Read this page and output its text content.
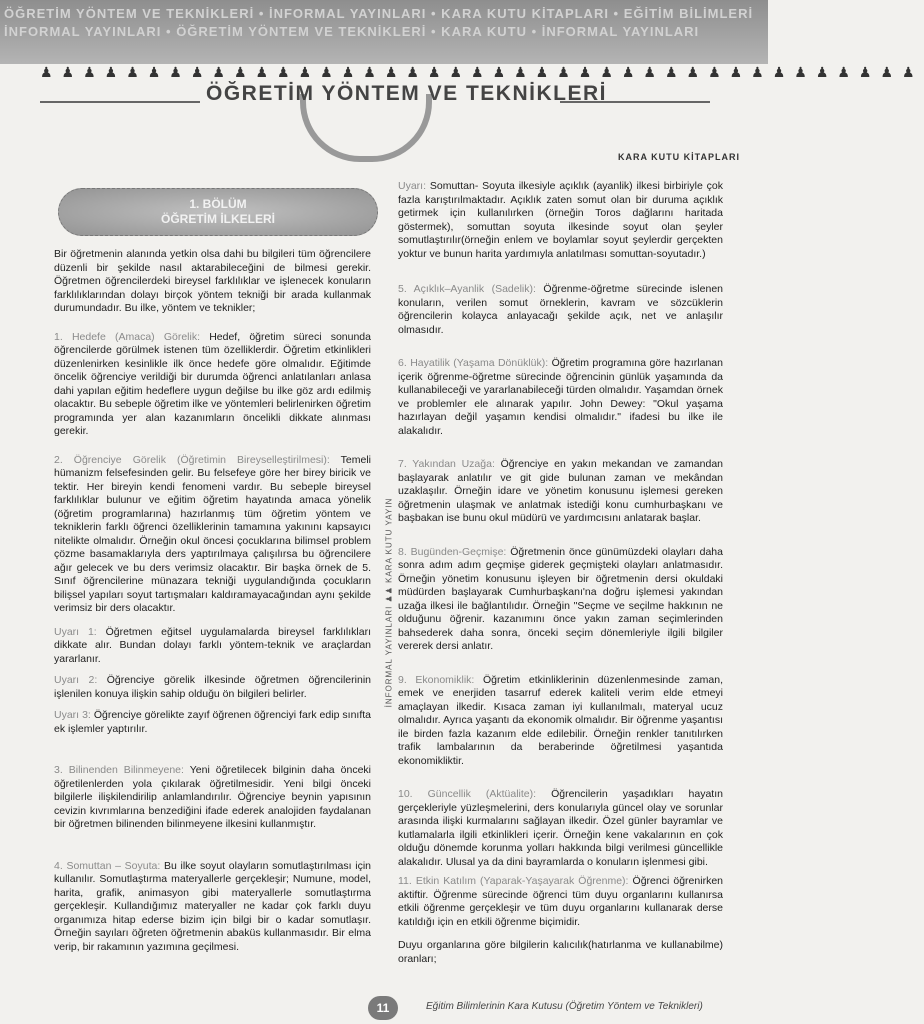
ÖĞRETİM YÖNTEM VE TEKNİKLERİ • İNFORMAL YAYINLARI • KARA KUTU KİTAPLARI • EĞİTİM BİLİMLERİ
İNFORMAL YAYINLARI • ÖĞRETİM YÖNTEM VE TEKNİKLERİ • KARA KUTU • İNFORMAL YAYINLARI
♟♟♟♟♟♟♟♟♟♟♟♟♟♟♟♟♟♟♟♟♟♟♟♟♟♟♟♟♟♟♟♟♟♟♟♟♟♟♟♟♟
ÖĞRETİM YÖNTEM VE TEKNİKLERİ
KARA KUTU KİTAPLARI
1. BÖLÜM
ÖĞRETİM İLKELERİ

Bir öğretmenin alanında yetkin olsa dahi bu bilgileri tüm öğrencilere düzenli bir şekilde nasıl aktarabileceğini de bilmesi gerekir. Öğretmen öğrencilerdeki bireysel farklılıklar ve işlenecek konuların farklılıklarından dolayı birçok yöntem tekniği bir arada kullanmak durumundadır. Bu ilke, yöntem ve teknikler;

1. Hedefe (Amaca) Görelik: Hedef, öğretim süreci sonunda öğrencilerde görülmek istenen tüm özelliklerdir. Öğretim etkinlikleri düzenlenirken kesinlikle ilk önce hedefe göre olmalıdır. Eğitimde öncelik öğrenciye verildiği bir durumda öğrenci anlatılanları anlasa dahi yapılan eğitim hedeflere uygun değilse bu ilke göz ardı edilmiş olacaktır. Bu sebeple öğretim ilke ve yöntemleri belirlenirken öğretim programında yer alan kazanımların öncelikli dikkate alınması gerekir.

2. Öğrenciye Görelik (Öğretimin Bireyselleştirilmesi): Temeli hümanizm felsefesinden gelir. Bu felsefeye göre her birey biricik ve tektir. Her bireyin kendi fenomeni vardır. Bu sebeple bireysel farklılıklar bulunur ve eğitim öğretim hayatında amaca yönelik (öğretim programlarına) hazırlanmış tüm öğretim yöntem ve tekniklerin farklı öğrenci özelliklerinin tamamına yakınını kapsayıcı nitelikte olmalıdır. Örneğin okul öncesi çocuklarına bilimsel problem çözme basamaklarıyla ders yaptırılmaya çalışılırsa bu öğrencilere ağır gelecek ve bu ders verimsiz olacaktır. Bir başka örnek de 5. Sınıf öğrencilerine münazara tekniği uygulandığında çocukların bilişsel yapıları soyut tartışmaları kaldıramayacağından aynı şekilde verimsiz bir ders olacaktır.

Uyarı 1: Öğretmen eğitsel uygulamalarda bireysel farklılıkları dikkate alır. Bundan dolayı farklı yöntem-teknik ve araçlardan yararlanır.

Uyarı 2: Öğrenciye görelik ilkesinde öğretmen öğrencilerinin işlenilen konuya ilişkin sahip olduğu ön bilgileri belirler.

Uyarı 3: Öğrenciye görelikte zayıf öğrenen öğrenciyi fark edip sınıfta ek işlemler yaptırılır.

3. Bilinenden Bilinmeyene: Yeni öğretilecek bilginin daha önceki öğretilenlerden yola çıkılarak öğretilmesidir. Yeni bilgi önceki bilgilerle ilişkilendirilip anlamlandırılır. Öğrenciye beynin yapısının cevizin kıvrımlarına benzediğini ifade ederek analojiden faydalanan bir öğretmen bilinenden bilinmeyene ilkesini kullanmıştır.

4. Somuttan – Soyuta: Bu ilke soyut olayların somutlaştırılması için kullanılır. Somutlaştırma materyallerle gerçekleşir; Numune, model, harita, grafik, animasyon gibi materyallerle somutlaştırma gerçekleşir. Kullandığımız materyaller ne kadar çok farklı duyu organımıza hitap ederse bizim için bilgi bir o kadar somutlaşır. Örneğin sayıları öğreten öğretmenin abaküs kullanmasıdır. Bir elma verip, bir rakamının yazımına geçilmesi.

İNFORMAL YAYINLARI ♟♟ KARA KUTU YAYIN

Uyarı: Somuttan- Soyuta ilkesiyle açıklık (ayanlik) ilkesi birbiriyle çok fazla karıştırılmaktadır. Açıklık zaten somut olan bir duruma açıklık getirmek için kullanılırken (örneğin Toros dağlarını haritada göstermek), somuttan soyuta ilkesinde soyut olan şeyler somutlaştırılır(örneğin enlem ve boylamlar soyut şeylerdir gerçekten yoktur ve bunun harita yardımıyla anlatılması somuttan-soyutadır.)

5. Açıklık–Ayanlik (Sadelik): Öğrenme-öğretme sürecinde islenen konuların, verilen somut örneklerin, kavram ve sözcüklerin öğrencilerin kolayca anlayacağı şekilde açık, net ve anlaşılır olmasıdır.

6. Hayatilik (Yaşama Dönüklük): Öğretim programına göre hazırlanan içerik öğrenme-öğretme sürecinde öğrencinin günlük yaşamında da kullanabileceği ve yararlanabileceği türden olmalıdır. Yaşamdan örnek ve problemler ele alınarak yapılır. John Dewey: "Okul yaşama hazırlayan değil yaşamın kendisi olmalıdır." ifadesi bu ilke ile alakalıdır.

7. Yakından Uzağa: Öğrenciye en yakın mekandan ve zamandan başlayarak anlatılır ve git gide bulunan zaman ve mekândan uzaklaşılır. Örneğin idare ve yönetim konusunu işlemesi gereken öğretmenin ulaşmak ve anlatmak istediği konu cumhurbaşkanı ve başbakan ise bunu okul müdürü ve yardımcısını anlatarak başlar.

8. Bugünden-Geçmişe: Öğretmenin önce günümüzdeki olayları daha sonra adım adım geçmişe giderek geçmişteki olayları anlatmasıdır. Örneğin yönetim konusunu işleyen bir öğretmenin dersi okuldaki müdürden başlayarak Cumhurbaşkanı'na doğru işlemesi yakından uzağa ilkesi ile bağlantılıdır. Örneğin "Seçme ve seçilme hakkının ne olduğunu öğrenir. kazanımını önce yakın zaman seçimlerinden bahsederek daha sonra, önceki seçim dönemleriyle ilgili bilgiler vererek dersi anlatır.

9. Ekonomiklik: Öğretim etkinliklerinin düzenlenmesinde zaman, emek ve enerjiden tasarruf ederek kaliteli verim elde etmeyi amaçlayan ilkedir. Kısaca zaman iyi kullanılmalı, materyal ucuz olmalıdır. Ayrıca yaşantı da ekonomik olmalıdır. Bir öğrenme yaşantısı ile birden fazla kazanım elde edilebilir. Örneğin renkler tanıtılırken trafik lambalarının da beraberinde öğretilmesi yaşantıda ekonomikliktir.

10. Güncellik (Aktüalite): Öğrencilerin yaşadıkları hayatın gerçekleriyle yüzleşmelerini, ders konularıyla güncel olay ve sorunlar arasında ilişki kurmalarını sağlayan ilkedir. Özel günler bayramlar ve kutlamalarla ilgili etkinlikleri içerir. Örneğin kene vakalarının en çok olduğu dönemde korunma yolları hakkında bilgi verilmesi güncellikle alakalıdır. Ulusal ya da dini bayramlarda o konuların işlenmesi gibi.

11. Etkin Katılım (Yaparak-Yaşayarak Öğrenme): Öğrenci öğrenirken aktiftir. Öğrenme sürecinde öğrenci tüm duyu organlarını kullanırsa etkili öğrenme gerçekleşir ve tüm duyu organlarını kullanarak derse katıldığı için en etkili öğrenme biçimidir.

Duyu organlarına göre bilgilerin kalıcılık(hatırlanma ve kullanabilme) oranları;

11	Eğitim Bilimlerinin Kara Kutusu (Öğretim Yöntem ve Teknikleri)
